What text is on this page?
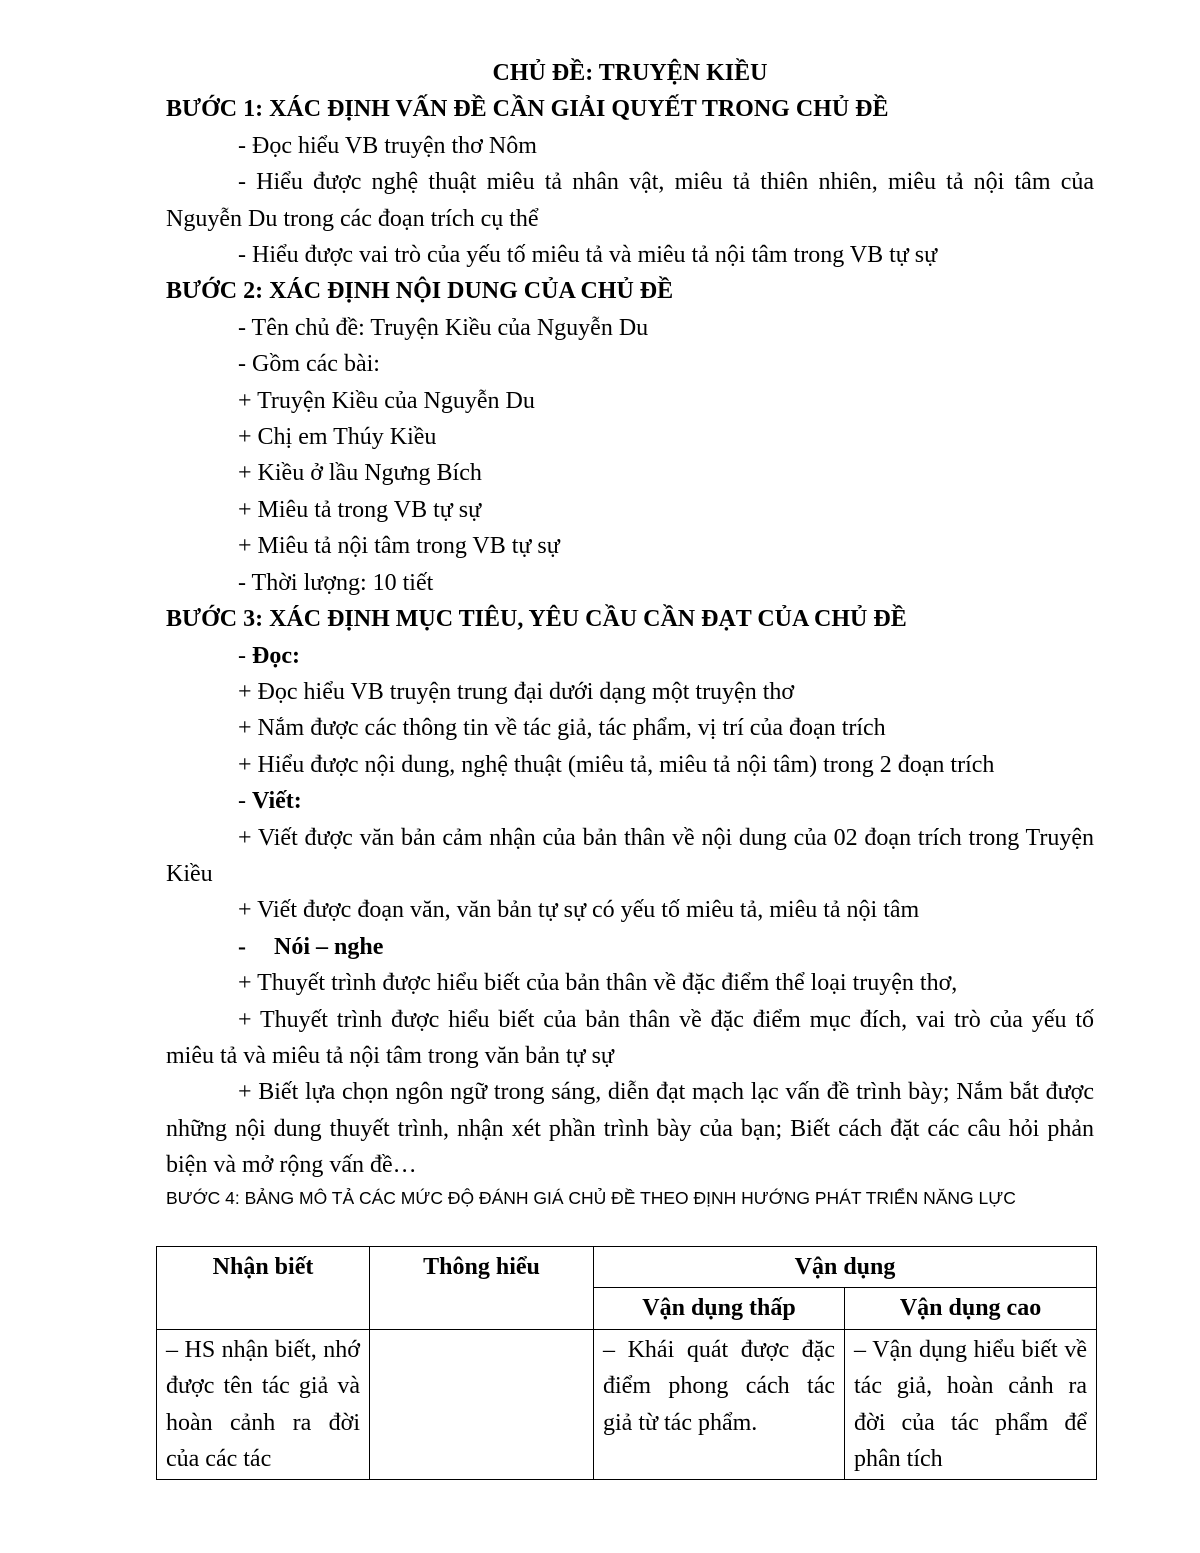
CHỦ ĐỀ: TRUYỆN KIỀU
BƯỚC 1: XÁC ĐỊNH VẤN ĐỀ CẦN GIẢI QUYẾT TRONG CHỦ ĐỀ
- Đọc hiểu VB truyện thơ Nôm
- Hiểu được nghệ thuật miêu tả nhân vật, miêu tả thiên nhiên, miêu tả nội tâm của Nguyễn Du trong các đoạn trích cụ thể
- Hiểu được vai trò của yếu tố miêu tả và miêu tả nội tâm trong VB tự sự
BƯỚC 2: XÁC ĐỊNH NỘI DUNG CỦA CHỦ ĐỀ
- Tên chủ đề: Truyện Kiều của Nguyễn Du
- Gồm các bài:
+ Truyện Kiều của Nguyễn Du
+ Chị em Thúy Kiều
+ Kiều ở lầu Ngưng Bích
+ Miêu tả trong VB tự sự
+ Miêu tả nội tâm trong VB tự sự
- Thời lượng: 10 tiết
BƯỚC 3: XÁC ĐỊNH MỤC TIÊU, YÊU CẦU CẦN ĐẠT CỦA CHỦ ĐỀ
- Đọc:
+ Đọc hiểu VB truyện trung đại dưới dạng một truyện thơ
+ Nắm được các thông tin về tác giả, tác phẩm, vị trí của đoạn trích
+ Hiểu được nội dung, nghệ thuật (miêu tả, miêu tả nội tâm) trong 2 đoạn trích
- Viết:
+ Viết được văn bản cảm nhận của bản thân về nội dung của 02 đoạn trích trong Truyện Kiều
+ Viết được đoạn văn, văn bản tự sự có yếu tố miêu tả, miêu tả nội tâm
- Nói – nghe
+ Thuyết trình được hiểu biết của bản thân về đặc điểm thể loại truyện thơ,
+ Thuyết trình được hiểu biết của bản thân về đặc điểm mục đích, vai trò của yếu tố miêu tả và miêu tả nội tâm trong văn bản tự sự
+ Biết lựa chọn ngôn ngữ trong sáng, diễn đạt mạch lạc vấn đề trình bày; Nắm bắt được những nội dung thuyết trình, nhận xét phần trình bày của bạn; Biết cách đặt các câu hỏi phản biện và mở rộng vấn đề…
BƯỚC 4: BẢNG MÔ TẢ CÁC MỨC ĐỘ ĐÁNH GIÁ CHỦ ĐỀ THEO ĐỊNH HƯỚNG PHÁT TRIỂN NĂNG LỰC
Nhận biết	Thông hiểu	Vận dụng	
		Vận dụng thấp	Vận dụng cao
– HS nhận biết, nhớ được tên tác giả và hoàn cảnh ra đời của các tác		– Khái quát được đặc điểm phong cách tác giả từ tác phẩm.	– Vận dụng hiểu biết về tác giả, hoàn cảnh ra đời của tác phẩm để phân tích
